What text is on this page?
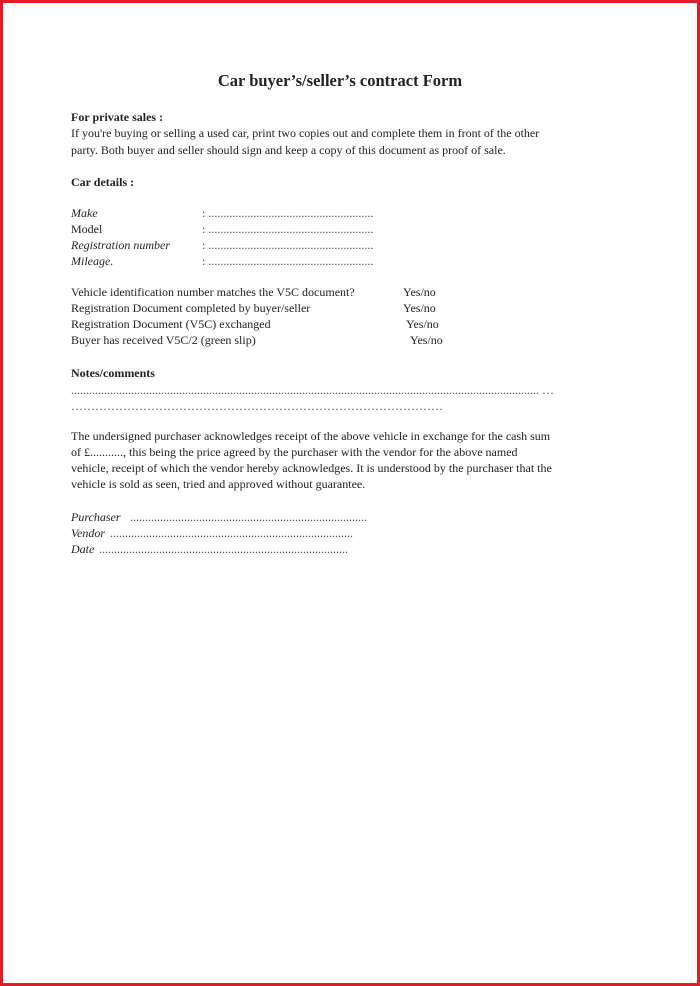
Car buyer’s/seller’s contract Form
For private sales :
If you're buying or selling a used car, print two copies out and complete them in front of the other
party. Both buyer and seller should sign and keep a copy of this document as proof of sale.
Car details :
Make	: .......................................................
Model	: .......................................................
Registration number	: .......................................................
Mileage.	: .......................................................
Vehicle identification number matches the V5C document?	Yes/no
Registration Document completed by buyer/seller	Yes/no
Registration Document (V5C) exchanged	Yes/no
Buyer has received V5C/2 (green slip)	Yes/no
Notes/comments
............................................................................................................................................................ …
…………………………………………………………………………………
The undersigned purchaser acknowledges receipt of the above vehicle in exchange for the cash sum
of £..........., this being the price agreed by the purchaser with the vendor for the above named
vehicle, receipt of which the vendor hereby acknowledges. It is understood by the purchaser that the
vehicle is sold as seen, tried and approved without guarantee.
Purchaser ...............................................................................
Vendor .................................................................................
Date ...................................................................................
